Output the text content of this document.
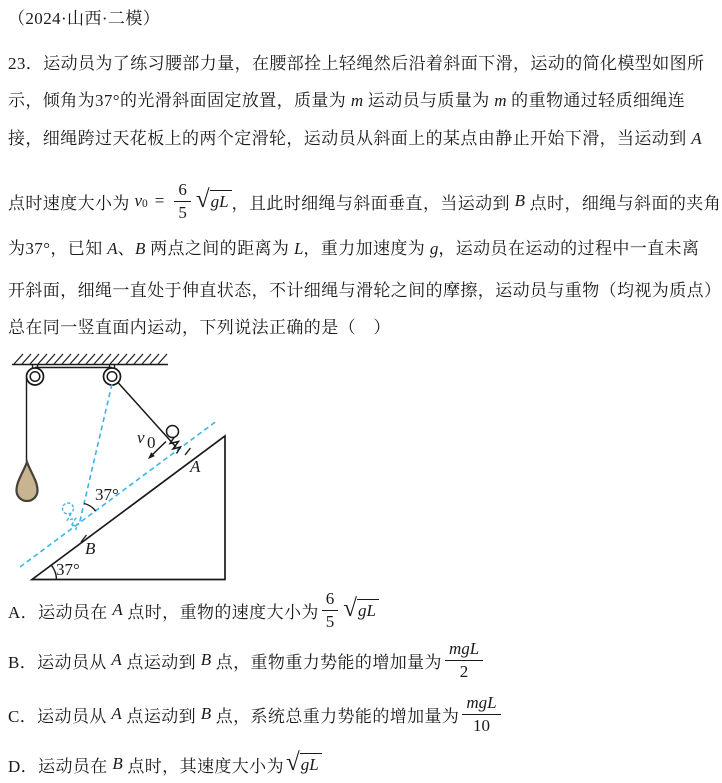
（2024·山西·二模）
23．运动员为了练习腰部力量，在腰部拴上轻绳然后沿着斜面下滑，运动的简化模型如图所
示，倾角为37°的光滑斜面固定放置，质量为 m 运动员与质量为 m 的重物通过轻质细绳连
接，细绳跨过天花板上的两个定滑轮，运动员从斜面上的某点由静止开始下滑，当运动到 A
点时速度大小为 v $0 = \frac{6}{5}$ √ gL ，且此时细绳与斜面垂直，当运动到 B 点时，细绳与斜面的夹角
为37°，已知 A、B 两点之间的距离为 L，重力加速度为 g，运动员在运动的过程中一直未离
开斜面，细绳一直处于伸直状态，不计细绳与滑轮之间的摩擦，运动员与重物（均视为质点）
总在同一竖直面内运动，下列说法正确的是（　）
v 0
37°
B
37°
A
A．运动员在 A 点时，重物的速度大小为 $\frac{6}{5}$ √ gL
B．运动员从 A 点运动到 B 点，重物重力势能的增加量为 $\frac{\text{mgL}}{2}$
C．运动员从 A 点运动到 B 点，系统总重力势能的增加量为 $\frac{\text{mgL}}{10}$
D．运动员在 B 点时，其速度大小为 √ gL
